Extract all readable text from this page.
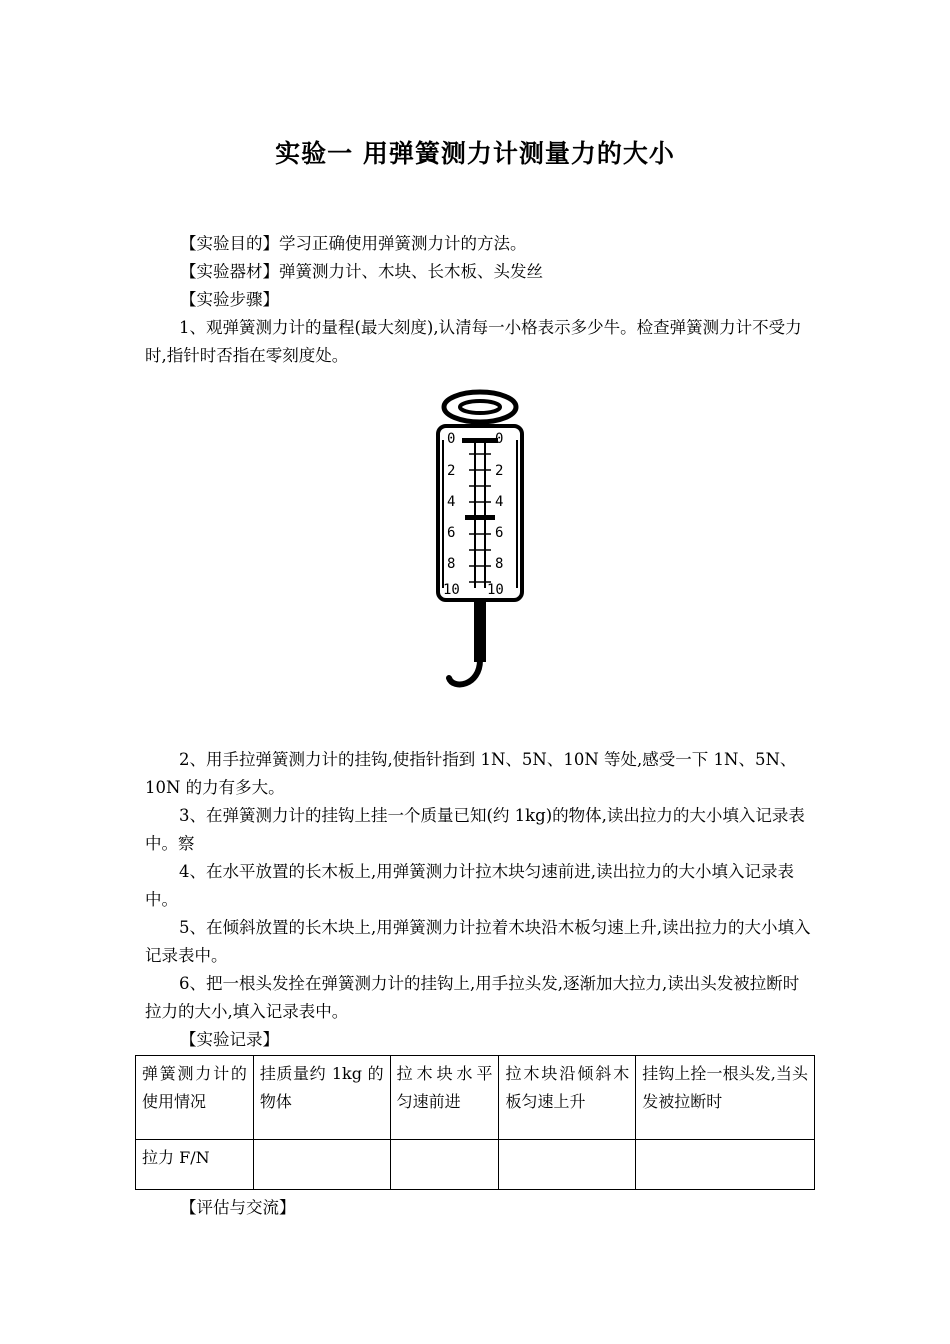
实验一 用弹簧测力计测量力的大小

【实验目的】学习正确使用弹簧测力计的方法。

【实验器材】弹簧测力计、木块、长木板、头发丝

【实验步骤】

1、观弹簧测力计的量程(最大刻度),认清每一小格表示多少牛。检查弹簧测力计不受力时,指针时否指在零刻度处。

0
2
4
6
8
10
0
2
4
6
8
10

2、用手拉弹簧测力计的挂钩,使指针指到 1N、5N、10N 等处,感受一下 1N、5N、10N 的力有多大。

3、在弹簧测力计的挂钩上挂一个质量已知(约 1kg)的物体,读出拉力的大小填入记录表中。察

4、在水平放置的长木板上,用弹簧测力计拉木块匀速前进,读出拉力的大小填入记录表中。

5、在倾斜放置的长木块上,用弹簧测力计拉着木块沿木板匀速上升,读出拉力的大小填入记录表中。

6、把一根头发拴在弹簧测力计的挂钩上,用手拉头发,逐渐加大拉力,读出头发被拉断时拉力的大小,填入记录表中。

【实验记录】

弹簧测力计的使用情况	挂质量约 1kg 的物体	拉木块水平匀速前进	拉木块沿倾斜木板匀速上升	挂钩上拴一根头发,当头发被拉断时
拉力 F/N				

【评估与交流】
